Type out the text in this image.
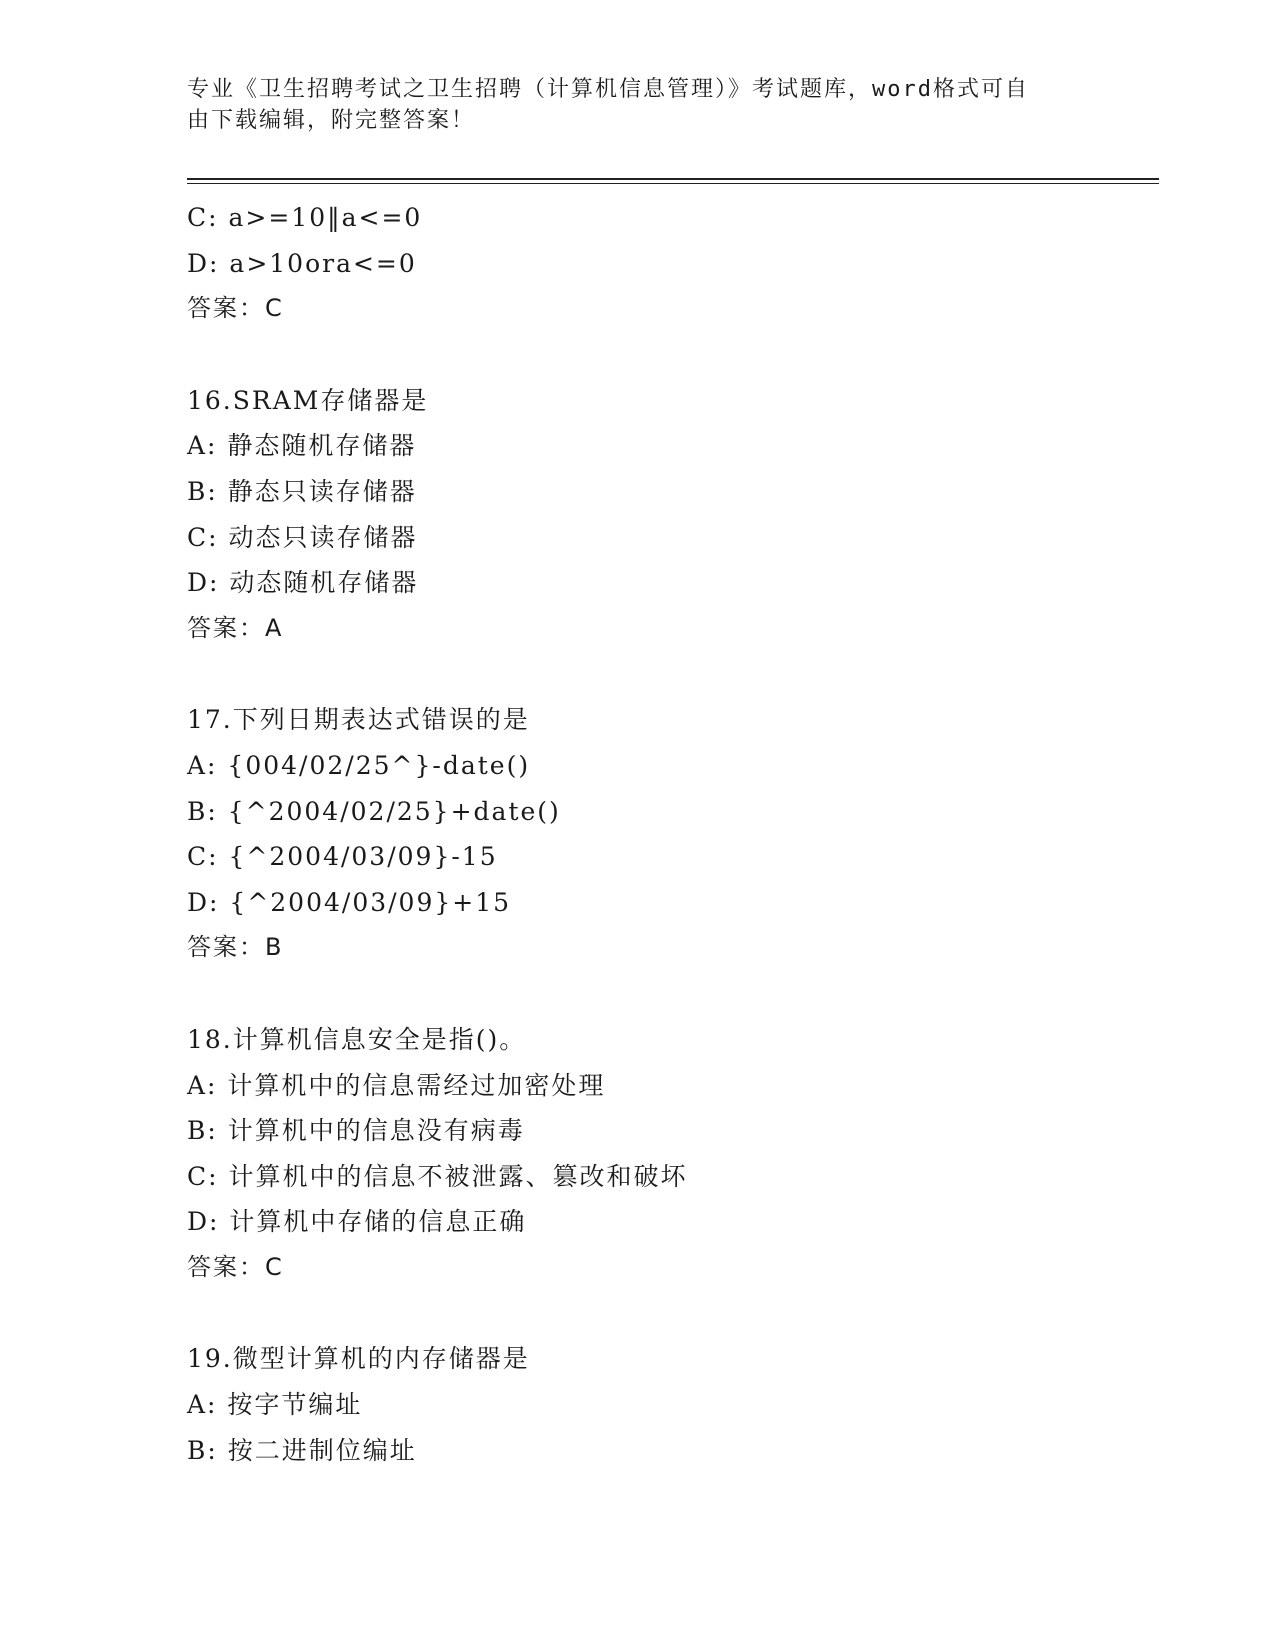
专业《卫生招聘考试之卫生招聘（计算机信息管理）》考试题库，word格式可自
由下载编辑，附完整答案！
C: a>=10‖a<=0
D: a>10ora<=0
答案：C
16.SRAM存储器是
A: 静态随机存储器
B: 静态只读存储器
C: 动态只读存储器
D: 动态随机存储器
答案：A
17.下列日期表达式错误的是
A: {004/02/25^}-date()
B: {^2004/02/25}+date()
C: {^2004/03/09}-15
D: {^2004/03/09}+15
答案：B
18.计算机信息安全是指()。
A: 计算机中的信息需经过加密处理
B: 计算机中的信息没有病毒
C: 计算机中的信息不被泄露、篡改和破坏
D: 计算机中存储的信息正确
答案：C
19.微型计算机的内存储器是
A: 按字节编址
B: 按二进制位编址
